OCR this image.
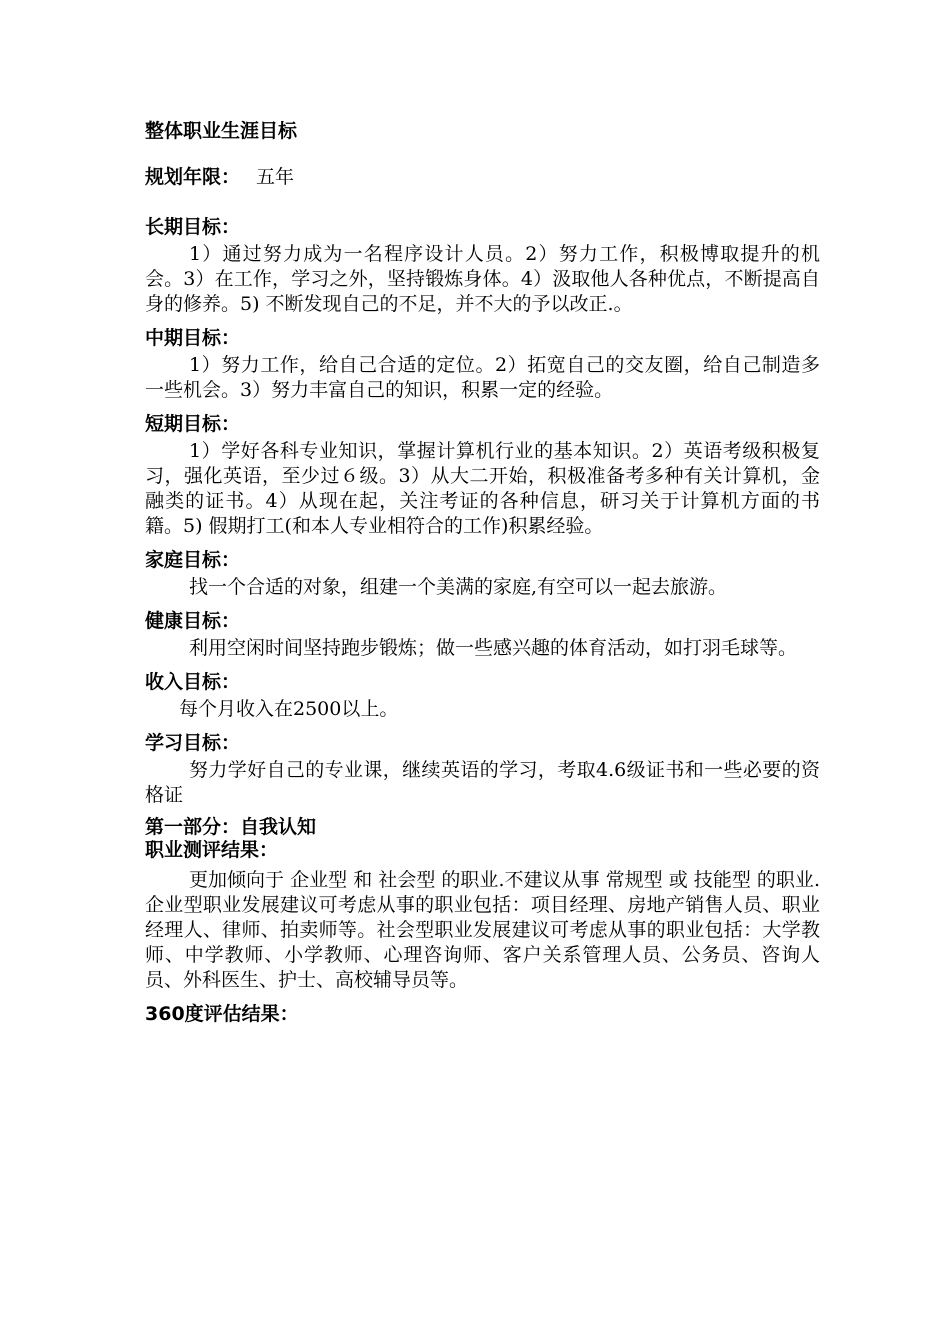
整体职业生涯目标
规划年限： 五年
长期目标：
1）通过努力成为一名程序设计人员。2）努力工作，积极博取提升的机会。3）在工作，学习之外，坚持锻炼身体。4）汲取他人各种优点，不断提高自身的修养。5) 不断发现自己的不足，并不大的予以改正.。
中期目标：
1）努力工作，给自己合适的定位。2）拓宽自己的交友圈，给自己制造多一些机会。3）努力丰富自己的知识，积累一定的经验。
短期目标：
1）学好各科专业知识，掌握计算机行业的基本知识。2）英语考级积极复习，强化英语，至少过６级。3）从大二开始，积极准备考多种有关计算机，金融类的证书。4）从现在起，关注考证的各种信息，研习关于计算机方面的书籍。5) 假期打工(和本人专业相符合的工作)积累经验。
家庭目标：
找一个合适的对象，组建一个美满的家庭,有空可以一起去旅游。
健康目标：
利用空闲时间坚持跑步锻炼；做一些感兴趣的体育活动，如打羽毛球等。
收入目标：
每个月收入在2500以上。
学习目标：
努力学好自己的专业课，继续英语的学习，考取4.6级证书和一些必要的资格证
第一部分：自我认知
职业测评结果：
更加倾向于 企业型 和 社会型 的职业.不建议从事 常规型 或 技能型 的职业.企业型职业发展建议可考虑从事的职业包括：项目经理、房地产销售人员、职业经理人、律师、拍卖师等。社会型职业发展建议可考虑从事的职业包括：大学教师、中学教师、小学教师、心理咨询师、客户关系管理人员、公务员、咨询人员、外科医生、护士、高校辅导员等。
360度评估结果：
